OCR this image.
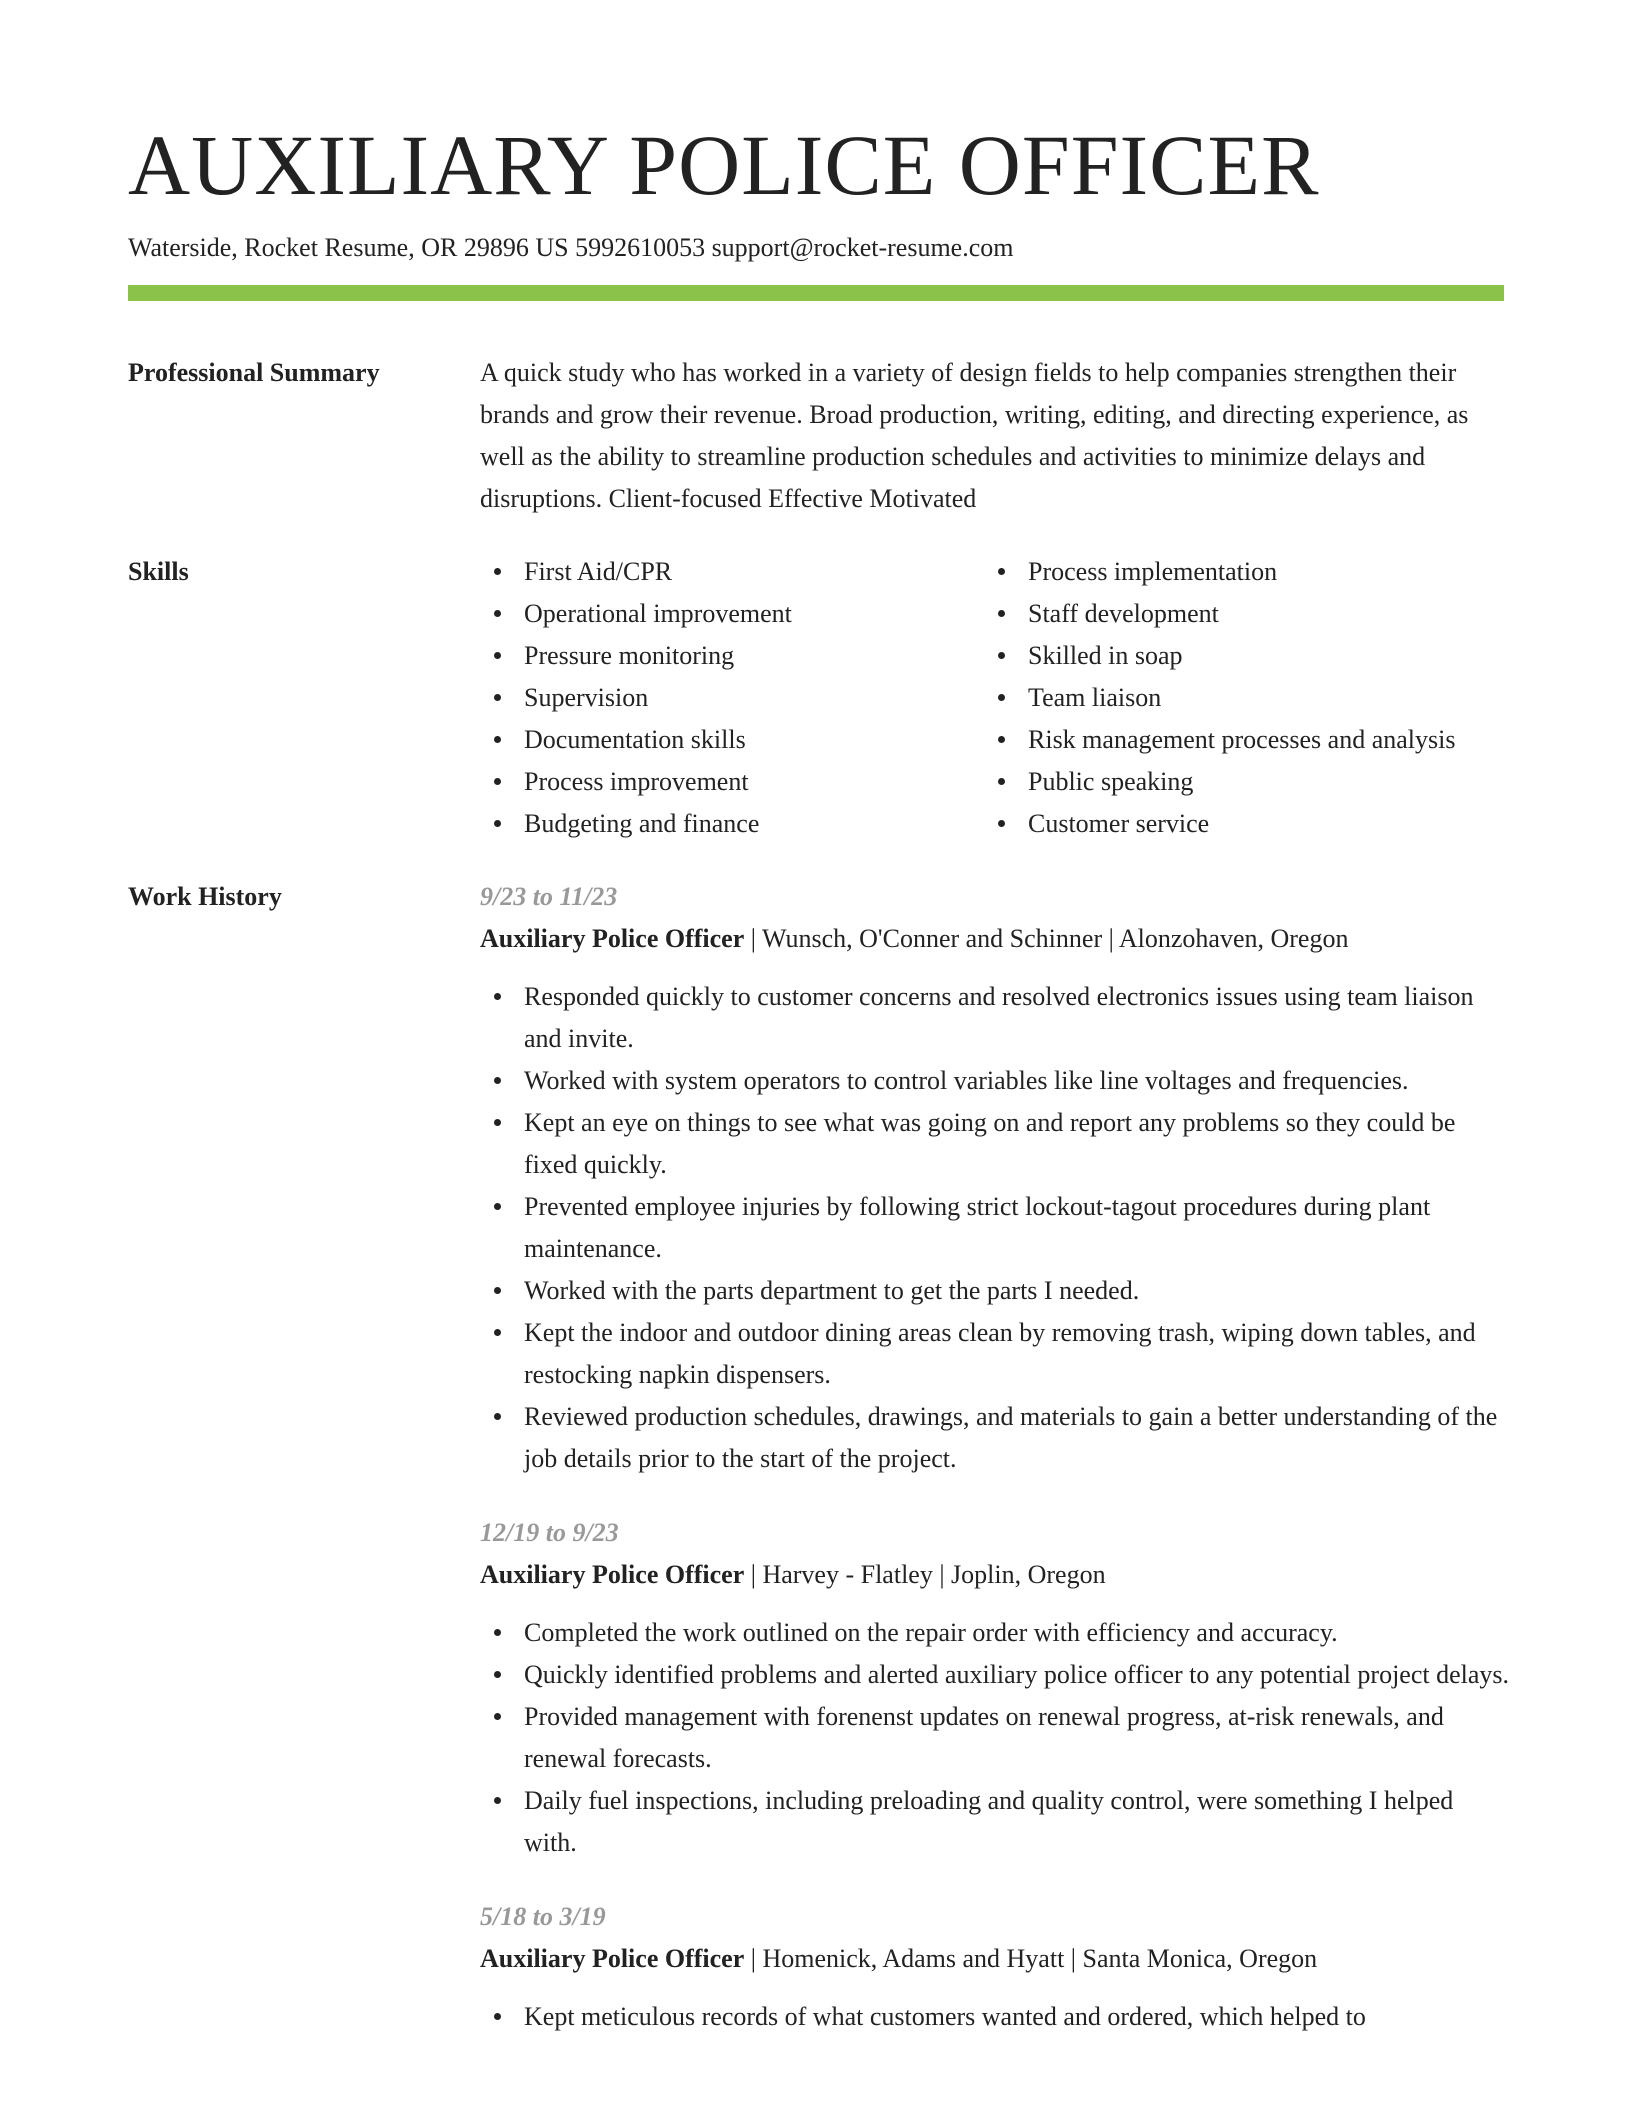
AUXILIARY POLICE OFFICER
Waterside, Rocket Resume, OR 29896 US 5992610053 support@rocket-resume.com
Professional Summary	A quick study who has worked in a variety of design fields to help companies strengthen their brands and grow their revenue. Broad production, writing, editing, and directing experience, as well as the ability to streamline production schedules and activities to minimize delays and disruptions. Client-focused Effective Motivated

Skills	First Aid/CPR
Operational improvement
Pressure monitoring
Supervision
Documentation skills
Process improvement
Budgeting and finance
Process implementation
Staff development
Skilled in soap
Team liaison
Risk management processes and analysis
Public speaking
Customer service
Work History	9/23 to 11/23
Auxiliary Police Officer | Wunsch, O'Conner and Schinner | Alonzohaven, Oregon
Responded quickly to customer concerns and resolved electronics issues using team liaison and invite.
Worked with system operators to control variables like line voltages and frequencies.
Kept an eye on things to see what was going on and report any problems so they could be fixed quickly.
Prevented employee injuries by following strict lockout-tagout procedures during plant maintenance.
Worked with the parts department to get the parts I needed.
Kept the indoor and outdoor dining areas clean by removing trash, wiping down tables, and restocking napkin dispensers.
Reviewed production schedules, drawings, and materials to gain a better understanding of the job details prior to the start of the project.
12/19 to 9/23
Auxiliary Police Officer | Harvey - Flatley | Joplin, Oregon
Completed the work outlined on the repair order with efficiency and accuracy.
Quickly identified problems and alerted auxiliary police officer to any potential project delays.
Provided management with forenenst updates on renewal progress, at-risk renewals, and renewal forecasts.
Daily fuel inspections, including preloading and quality control, were something I helped with.
5/18 to 3/19
Auxiliary Police Officer | Homenick, Adams and Hyatt | Santa Monica, Oregon
Kept meticulous records of what customers wanted and ordered, which helped to
